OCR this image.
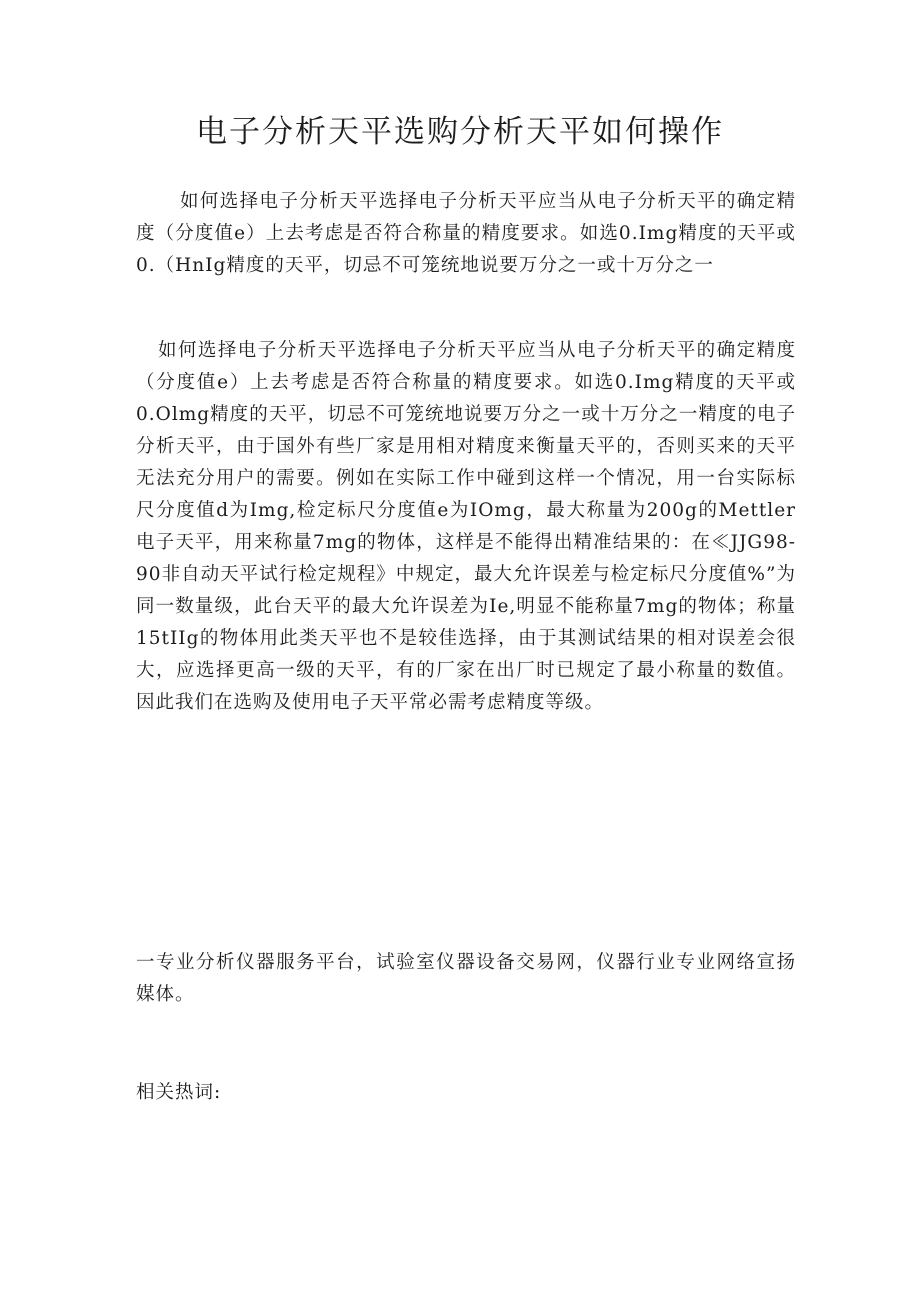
电子分析天平选购分析天平如何操作

如何选择电子分析天平选择电子分析天平应当从电子分析天平的确定精度（分度值e）上去考虑是否符合称量的精度要求。如选0.Img精度的天平或0.（HnIg精度的天平，切忌不可笼统地说要万分之一或十万分之一

如何选择电子分析天平选择电子分析天平应当从电子分析天平的确定精度（分度值e）上去考虑是否符合称量的精度要求。如选0.Img精度的天平或0.Olmg精度的天平，切忌不可笼统地说要万分之一或十万分之一精度的电子分析天平，由于国外有些厂家是用相对精度来衡量天平的，否则买来的天平无法充分用户的需要。例如在实际工作中碰到这样一个情况，用一台实际标尺分度值d为Img,检定标尺分度值e为IOmg，最大称量为200g的Mettler电子天平，用来称量7mg的物体，这样是不能得出精准结果的：在≪JJG98-90非自动天平试行检定规程》中规定，最大允许误差与检定标尺分度值%”为同一数量级，此台天平的最大允许误差为Ie,明显不能称量7mg的物体；称量15tIIg的物体用此类天平也不是较佳选择，由于其测试结果的相对误差会很大，应选择更高一级的天平，有的厂家在出厂时已规定了最小称量的数值。因此我们在选购及使用电子天平常必需考虑精度等级。

一专业分析仪器服务平台，试验室仪器设备交易网，仪器行业专业网络宣扬媒体。

相关热词:
